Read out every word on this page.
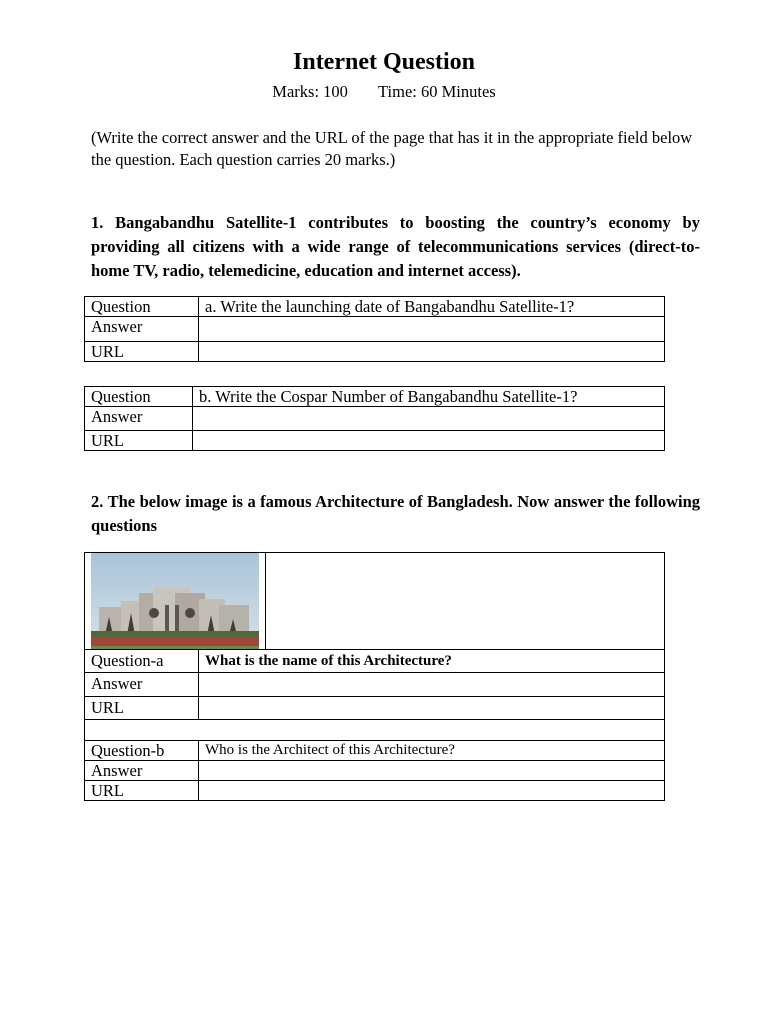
Internet Question
Marks: 100 Time: 60 Minutes
(Write the correct answer and the URL of the page that has it in the appropriate field below the question. Each question carries 20 marks.)
1. Bangabandhu Satellite-1 contributes to boosting the country’s economy by providing all citizens with a wide range of telecommunications services (direct-to-home TV, radio, telemedicine, education and internet access).
Question	a. Write the launching date of Bangabandhu Satellite-1?
Answer	
URL	
Question	b. Write the Cospar Number of Bangabandhu Satellite-1?
Answer	
URL	
2. The below image is a famous Architecture of Bangladesh. Now answer the following questions

Question-a	What is the name of this Architecture?
Answer	
URL	

Question-b	Who is the Architect of this Architecture?
Answer	
URL	
